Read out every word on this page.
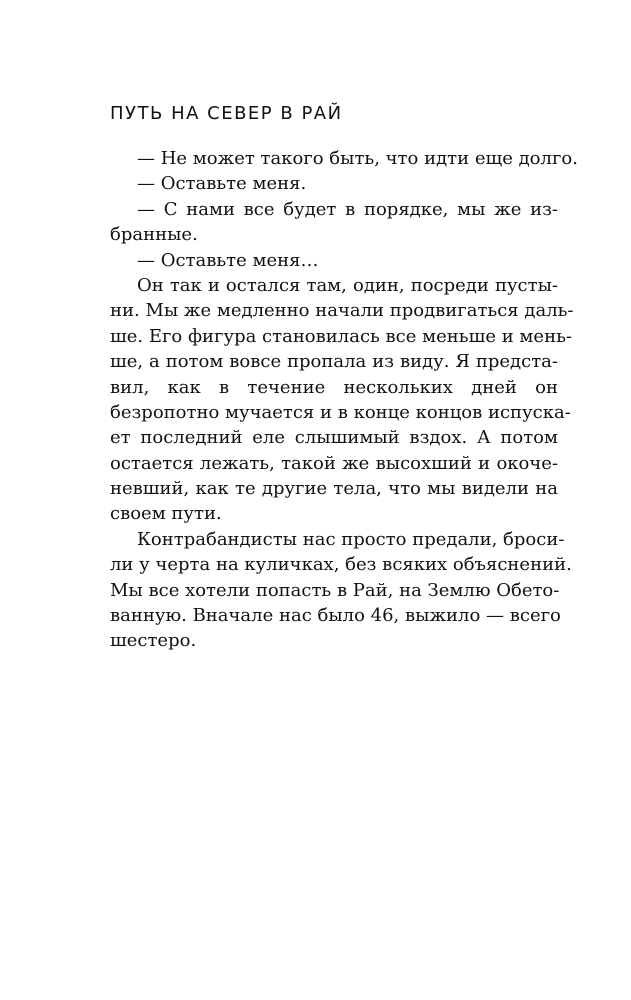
ПУТЬ НА СЕВЕР В РАЙ
— Не может такого быть, что идти еще долго.
— Оставьте меня.
— С нами все будет в порядке, мы же из-
бранные.
— Оставьте меня…
Он так и остался там, один, посреди пусты-
ни. Мы же медленно начали продвигаться даль-
ше. Его фигура становилась все меньше и мень-
ше, а потом вовсе пропала из виду. Я предста-
вил, как в течение нескольких дней он
безропотно мучается и в конце концов испуска-
ет последний еле слышимый вздох. А потом
остается лежать, такой же высохший и окоче-
невший, как те другие тела, что мы видели на
своем пути.
Контрабандисты нас просто предали, броси-
ли у черта на куличках, без всяких объяснений.
Мы все хотели попасть в Рай, на Землю Обето-
ванную. Вначале нас было 46, выжило — всего
шестеро.
